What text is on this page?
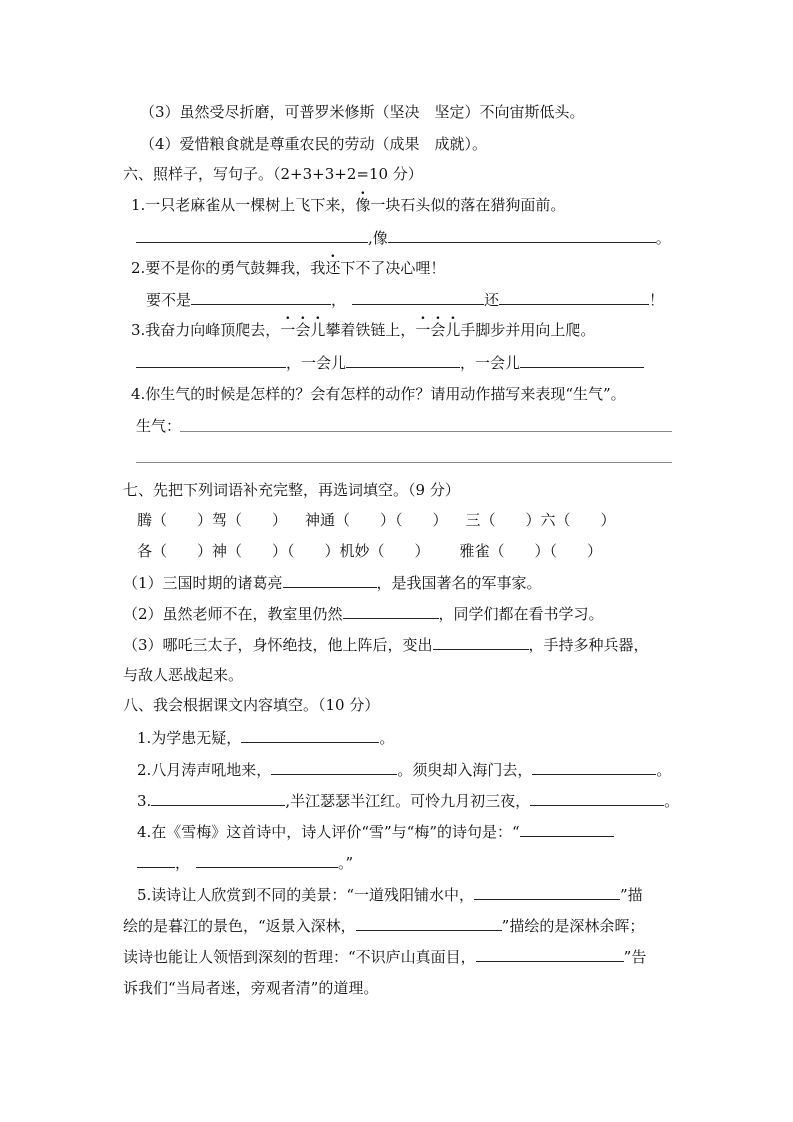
（3）虽然受尽折磨，可普罗米修斯（坚决　坚定）不向宙斯低头。
（4）爱惜粮食就是尊重农民的劳动（成果　成就）。
六、照样子，写句子。（2+3+3+2=10 分）
1.一只老麻雀从一棵树上飞下来，像一块石头似的落在猎狗面前。
,像	。
2.要不是你的勇气鼓舞我，我还下不了决心哩！
要不是	，	还	！
3.我奋力向峰顶爬去，一会儿攀着铁链上，一会儿手脚步并用向上爬。
，一会儿	，一会儿
4.你生气的时候是怎样的？会有怎样的动作？请用动作描写来表现“生气”。
生气：
七、先把下列词语补充完整，再选词填空。（9 分）
腾（　　）驾（　　） 神通（　　）（　　） 三（　　）六（　　）
各（　　）神（　　）（　　）机妙（　　） 雅雀（　　）（　　）
（1）三国时期的诸葛亮	，是我国著名的军事家。
（2）虽然老师不在，教室里仍然	，同学们都在看书学习。
（3）哪吒三太子，身怀绝技，他上阵后，变出	，手持多种兵器，
与敌人恶战起来。
八、我会根据课文内容填空。（10 分）
1.为学患无疑，	。
2.八月涛声吼地来，	。须臾却入海门去，	。
3.	,半江瑟瑟半江红。可怜九月初三夜，	。
4.在《雪梅》这首诗中，诗人评价“雪”与“梅”的诗句是：“
，	。”
5.读诗让人欣赏到不同的美景：“一道残阳铺水中，	”描
绘的是暮江的景色，“返景入深林，	”描绘的是深林余晖；
读诗也能让人领悟到深刻的哲理：“不识庐山真面目，	”告
诉我们“当局者迷，旁观者清”的道理。
